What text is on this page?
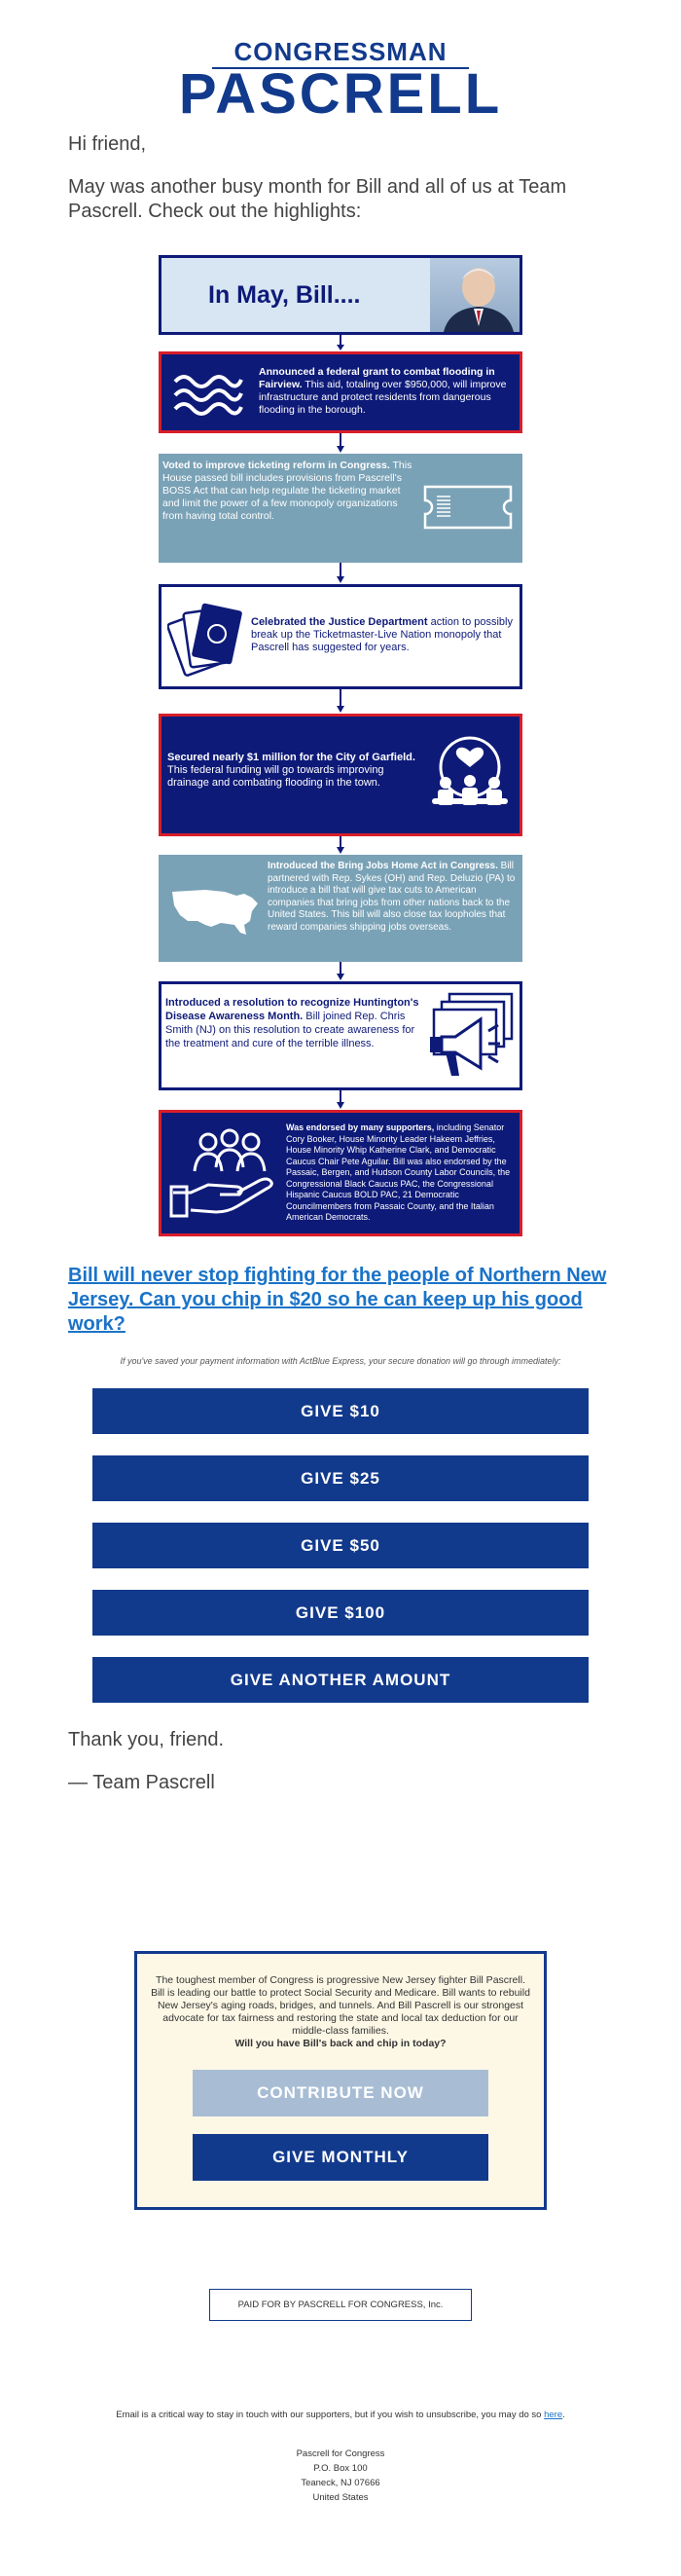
CONGRESSMAN
PASCRELL
Hi friend,
May was another busy month for Bill and all of us at Team Pascrell. Check out the highlights:
In May, Bill....
Announced a federal grant to combat flooding in Fairview. This aid, totaling over $950,000, will improve infrastructure and protect residents from dangerous flooding in the borough.
Voted to improve ticketing reform in Congress. This House passed bill includes provisions from Pascrell's BOSS Act that can help regulate the ticketing market and limit the power of a few monopoly organizations from having total control.
Celebrated the Justice Department action to possibly break up the Ticketmaster-Live Nation monopoly that Pascrell has suggested for years.
Secured nearly $1 million for the City of Garfield. This federal funding will go towards improving drainage and combating flooding in the town.
Introduced the Bring Jobs Home Act in Congress. Bill partnered with Rep. Sykes (OH) and Rep. Deluzio (PA) to introduce a bill that will give tax cuts to American companies that bring jobs from other nations back to the United States. This bill will also close tax loopholes that reward companies shipping jobs overseas.
Introduced a resolution to recognize Huntington's Disease Awareness Month. Bill joined Rep. Chris Smith (NJ) on this resolution to create awareness for the treatment and cure of the terrible illness.
Was endorsed by many supporters, including Senator Cory Booker, House Minority Leader Hakeem Jeffries, House Minority Whip Katherine Clark, and Democratic Caucus Chair Pete Aguilar. Bill was also endorsed by the Passaic, Bergen, and Hudson County Labor Councils, the Congressional Black Caucus PAC, the Congressional Hispanic Caucus BOLD PAC, 21 Democratic Councilmembers from Passaic County, and the Italian American Democrats.
Bill will never stop fighting for the people of Northern New Jersey. Can you chip in $20 so he can keep up his good work?
If you've saved your payment information with ActBlue Express, your secure donation will go through immediately:
GIVE $10
GIVE $25
GIVE $50
GIVE $100
GIVE ANOTHER AMOUNT
Thank you, friend.
— Team Pascrell
The toughest member of Congress is progressive New Jersey fighter Bill Pascrell. Bill is leading our battle to protect Social Security and Medicare. Bill wants to rebuild New Jersey's aging roads, bridges, and tunnels. And Bill Pascrell is our strongest advocate for tax fairness and restoring the state and local tax deduction for our middle-class families.
Will you have Bill's back and chip in today?
CONTRIBUTE NOW
GIVE MONTHLY
PAID FOR BY PASCRELL FOR CONGRESS, Inc.
Email is a critical way to stay in touch with our supporters, but if you wish to unsubscribe, you may do so here.
Pascrell for Congress
P.O. Box 100
Teaneck, NJ 07666
United States
